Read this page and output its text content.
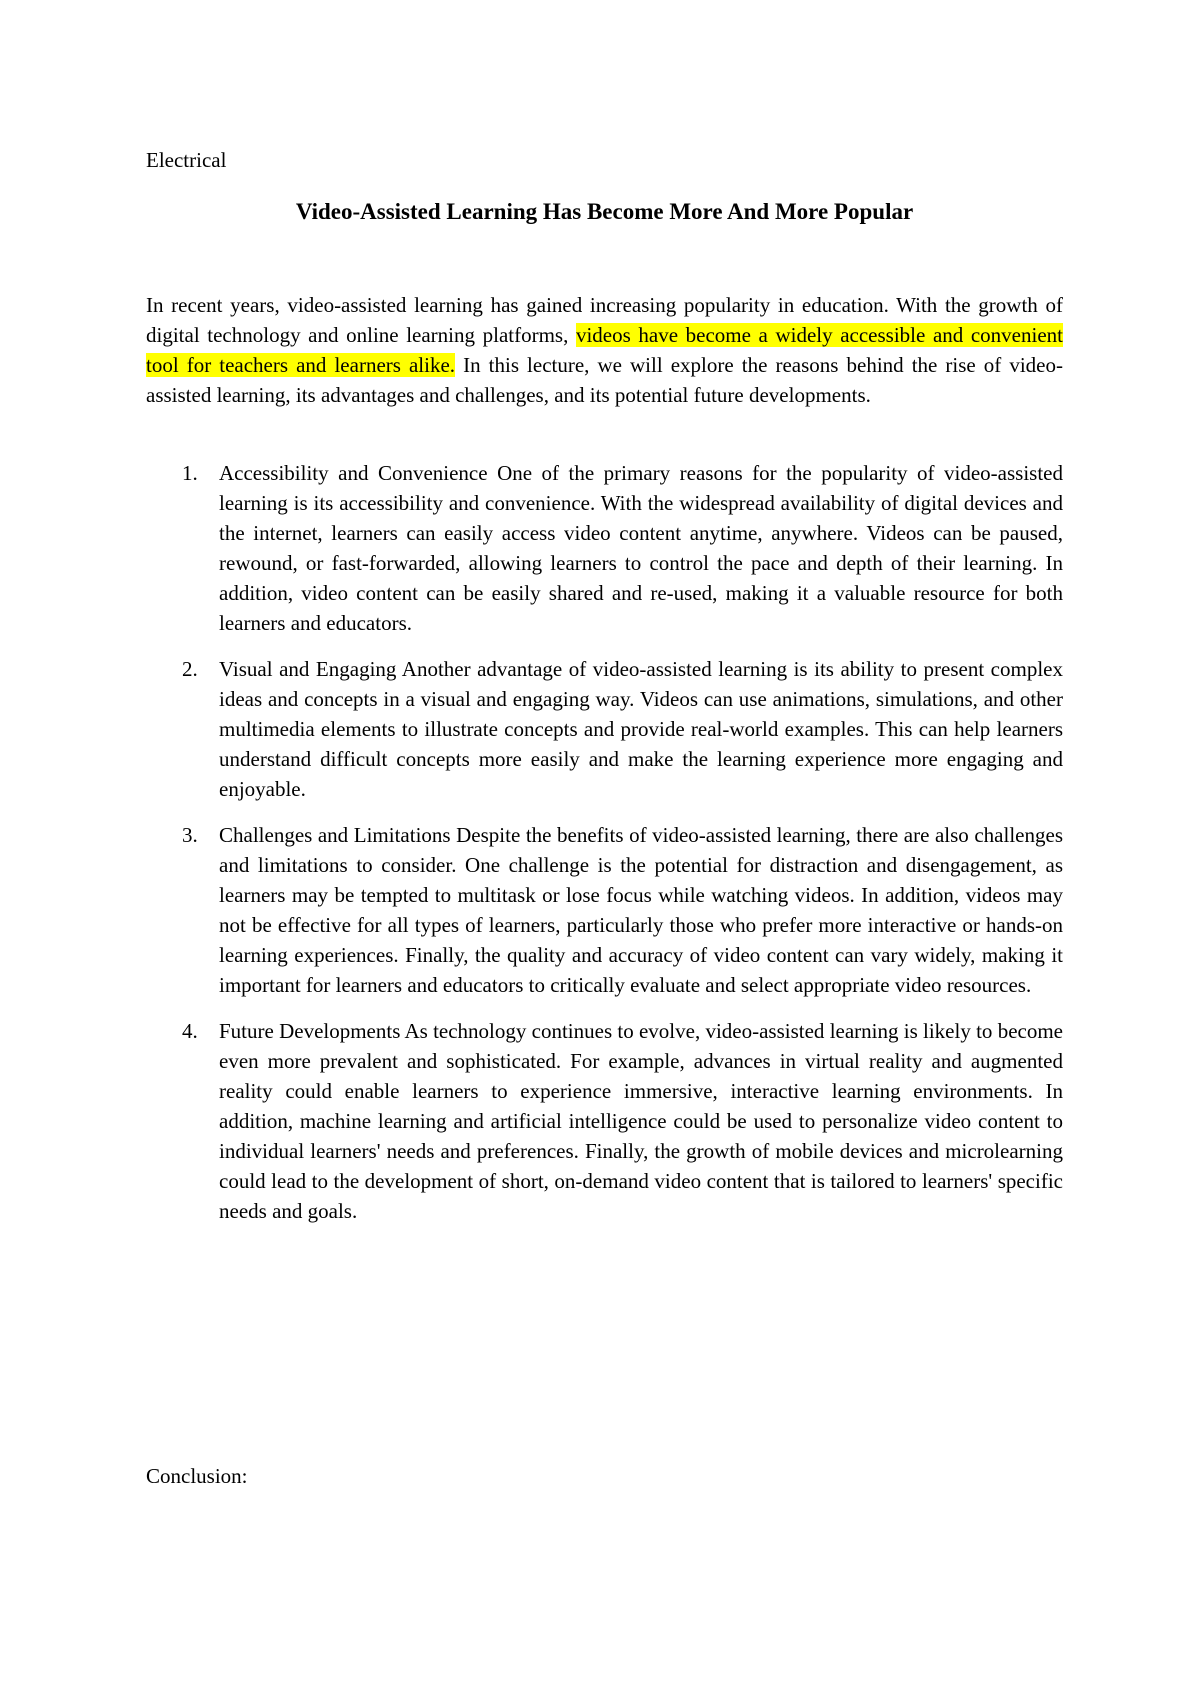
Electrical
Video-Assisted Learning Has Become More And More Popular

In recent years, video-assisted learning has gained increasing popularity in education. With the growth of digital technology and online learning platforms, videos have become a widely accessible and convenient tool for teachers and learners alike. In this lecture, we will explore the reasons behind the rise of video-assisted learning, its advantages and challenges, and its potential future developments.

1. Accessibility and Convenience One of the primary reasons for the popularity of video-assisted learning is its accessibility and convenience. With the widespread availability of digital devices and the internet, learners can easily access video content anytime, anywhere. Videos can be paused, rewound, or fast-forwarded, allowing learners to control the pace and depth of their learning. In addition, video content can be easily shared and re-used, making it a valuable resource for both learners and educators.
2. Visual and Engaging Another advantage of video-assisted learning is its ability to present complex ideas and concepts in a visual and engaging way. Videos can use animations, simulations, and other multimedia elements to illustrate concepts and provide real-world examples. This can help learners understand difficult concepts more easily and make the learning experience more engaging and enjoyable.
3. Challenges and Limitations Despite the benefits of video-assisted learning, there are also challenges and limitations to consider. One challenge is the potential for distraction and disengagement, as learners may be tempted to multitask or lose focus while watching videos. In addition, videos may not be effective for all types of learners, particularly those who prefer more interactive or hands-on learning experiences. Finally, the quality and accuracy of video content can vary widely, making it important for learners and educators to critically evaluate and select appropriate video resources.
4. Future Developments As technology continues to evolve, video-assisted learning is likely to become even more prevalent and sophisticated. For example, advances in virtual reality and augmented reality could enable learners to experience immersive, interactive learning environments. In addition, machine learning and artificial intelligence could be used to personalize video content to individual learners' needs and preferences. Finally, the growth of mobile devices and microlearning could lead to the development of short, on-demand video content that is tailored to learners' specific needs and goals.
Conclusion:
